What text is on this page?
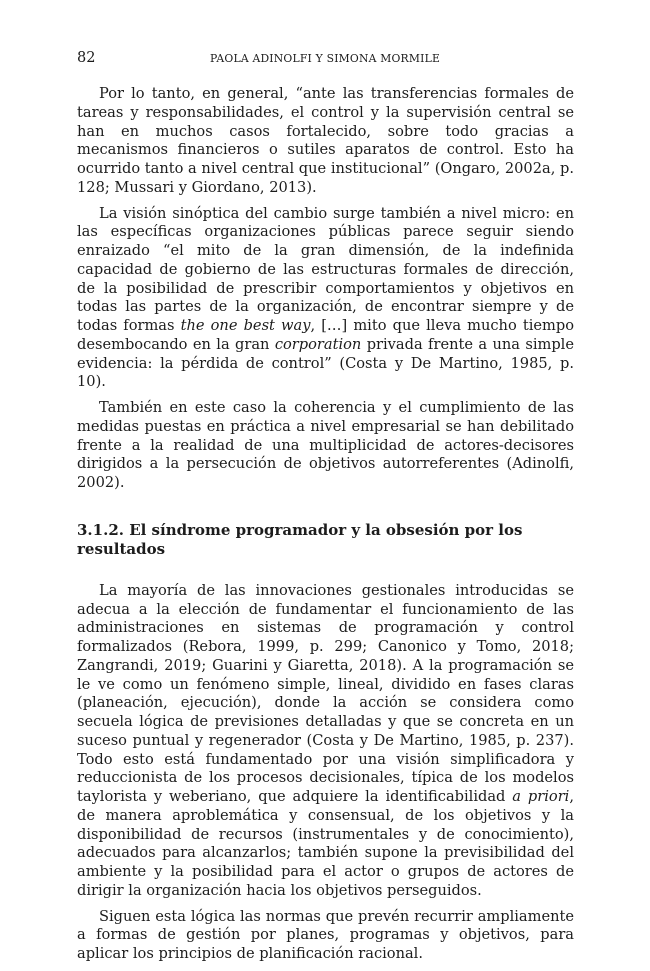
82	PAOLA ADINOLFI Y SIMONA MORMILE

Por lo tanto, en general, “ante las transferencias formales de tareas y responsabilidades, el control y la supervisión central se han en muchos casos fortalecido, sobre todo gracias a mecanismos financieros o sutiles aparatos de control. Esto ha ocurrido tanto a nivel central que institucional” (Ongaro, 2002a, p. 128; Mussari y Giordano, 2013).

La visión sinóptica del cambio surge también a nivel micro: en las específicas organizaciones públicas parece seguir siendo enraizado “el mito de la gran dimensión, de la indefinida capacidad de gobierno de las estructuras formales de dirección, de la posibilidad de prescribir comportamientos y objetivos en todas las partes de la organización, de encontrar siempre y de todas formas the one best way, […] mito que lleva mucho tiempo desembocando en la gran corporation privada frente a una simple evidencia: la pérdida de control” (Costa y De Martino, 1985, p. 10).

También en este caso la coherencia y el cumplimiento de las medidas puestas en práctica a nivel empresarial se han debilitado frente a la realidad de una multiplicidad de actores-decisores dirigidos a la persecución de objetivos autorreferentes (Adinolfi, 2002).

3.1.2. El síndrome programador y la obsesión por los resultados

La mayoría de las innovaciones gestionales introducidas se adecua a la elección de fundamentar el funcionamiento de las administraciones en sistemas de programación y control formalizados (Rebora, 1999, p. 299; Canonico y Tomo, 2018; Zangrandi, 2019; Guarini y Giaretta, 2018). A la programación se le ve como un fenómeno simple, lineal, dividido en fases claras (planeación, ejecución), donde la acción se considera como secuela lógica de previsiones detalladas y que se concreta en un suceso puntual y regenerador (Costa y De Martino, 1985, p. 237). Todo esto está fundamentado por una visión simplificadora y reduccionista de los procesos decisionales, típica de los modelos taylorista y weberiano, que adquiere la identificabilidad a priori, de manera aproblemática y consensual, de los objetivos y la disponibilidad de recursos (instrumentales y de conocimiento), adecuados para alcanzarlos; también supone la previsibilidad del ambiente y la posibilidad para el actor o grupos de actores de dirigir la organización hacia los objetivos perseguidos.

Siguen esta lógica las normas que prevén recurrir ampliamente a formas de gestión por planes, programas y objetivos, para aplicar los principios de planificación racional.
